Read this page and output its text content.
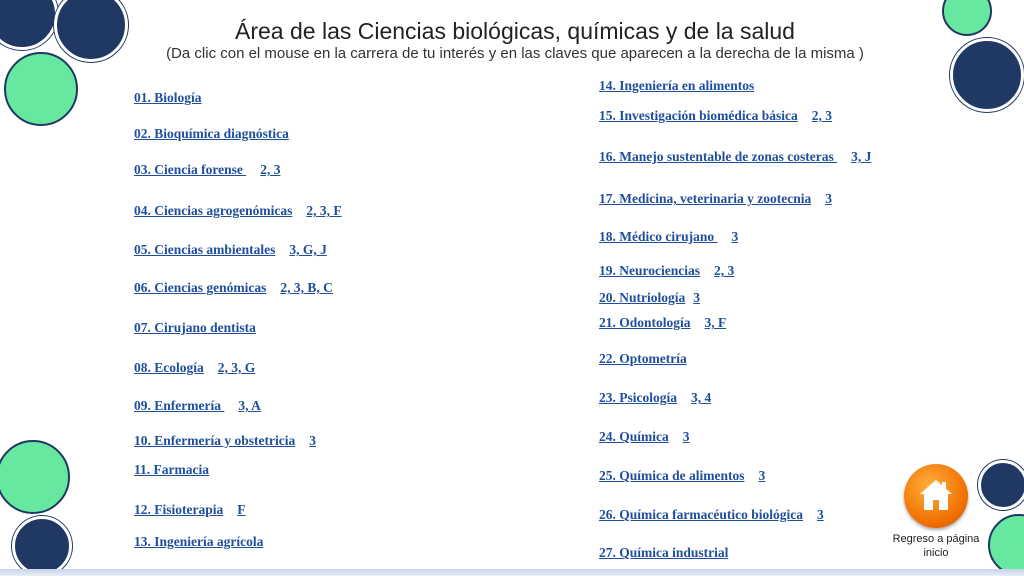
Área de las Ciencias biológicas, químicas y de la salud
(Da clic con el mouse en la carrera de tu interés y en las claves que aparecen a la derecha de la misma )
01. Biología
02. Bioquímica diagnóstica
03. Ciencia forense 2, 3
04. Ciencias agrogenómicas 2, 3, F
05. Ciencias ambientales 3, G, J
06. Ciencias genómicas 2, 3, B, C
07. Cirujano dentista
08. Ecología 2, 3, G
09. Enfermería 3, A
10. Enfermería y obstetricia 3
11. Farmacia
12. Fisioterapia F
13. Ingeniería agrícola
14. Ingeniería en alimentos
15. Investigación biomédica básica 2, 3
16. Manejo sustentable de zonas costeras 3, J
17. Medicina, veterinaria y zootecnia 3
18. Médico cirujano 3
19. Neurociencias 2, 3
20. Nutriología 3
21. Odontología 3, F
22. Optometría
23. Psicología 3, 4
24. Química 3
25. Química de alimentos 3
26. Química farmacéutico biológica 3
27. Química industrial
Regreso a página
inicio
